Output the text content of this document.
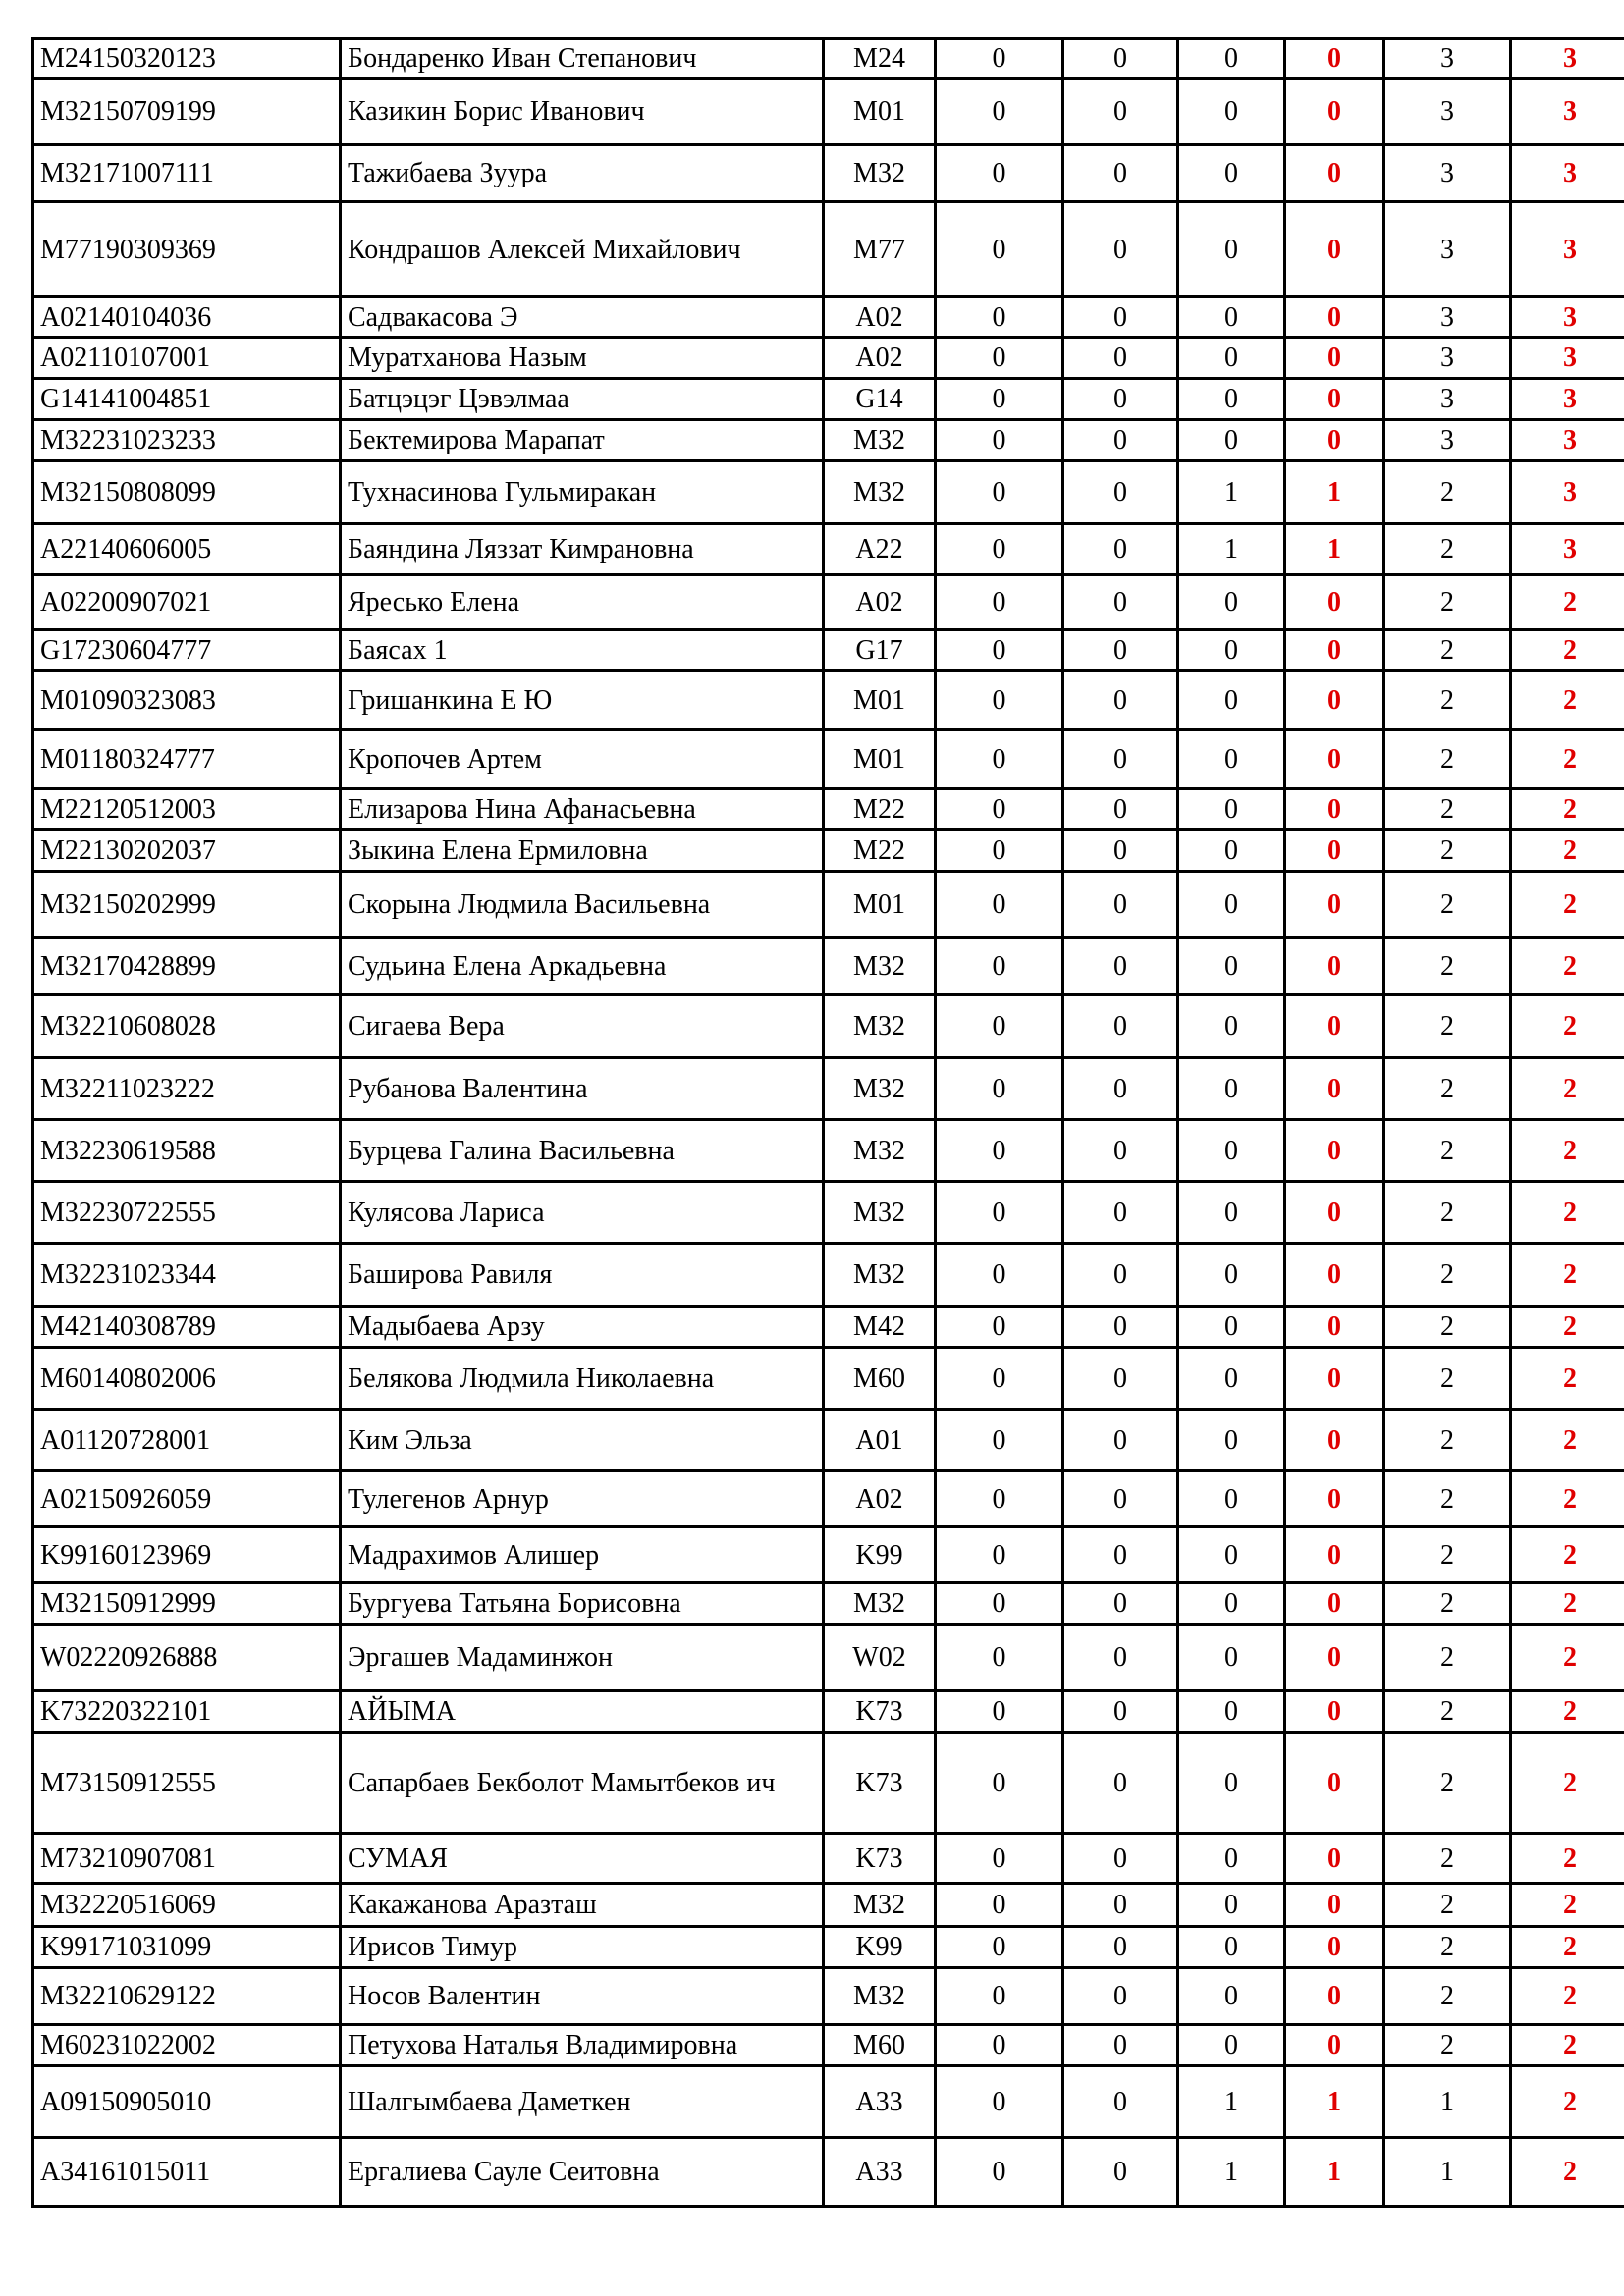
M24150320123	Бондаренко Иван Степанович	M24	0	0	0	0	3	3
M32150709199	Казикин Борис Иванович	M01	0	0	0	0	3	3
M32171007111	Тажибаева Зуура	M32	0	0	0	0	3	3
M77190309369	Кондрашов Алексей Михайлович	M77	0	0	0	0	3	3
A02140104036	Садвакасова Э	A02	0	0	0	0	3	3
A02110107001	Муратханова Назым	A02	0	0	0	0	3	3
G14141004851	Батцэцэг Цэвэлмаа	G14	0	0	0	0	3	3
M32231023233	Бектемирова Марапат	M32	0	0	0	0	3	3
M32150808099	Тухнасинова Гульмиракан	M32	0	0	1	1	2	3
A22140606005	Баяндина Ляззат Кимрановна	A22	0	0	1	1	2	3
A02200907021	Яресько Елена	A02	0	0	0	0	2	2
G17230604777	Баясах 1	G17	0	0	0	0	2	2
M01090323083	Гришанкина Е Ю	M01	0	0	0	0	2	2
M01180324777	Кропочев Артем	M01	0	0	0	0	2	2
M22120512003	Елизарова Нина Афанасьевна	M22	0	0	0	0	2	2
M22130202037	Зыкина Елена Ермиловна	M22	0	0	0	0	2	2
M32150202999	Скорына Людмила Васильевна	M01	0	0	0	0	2	2
M32170428899	Судьина Елена Аркадьевна	M32	0	0	0	0	2	2
M32210608028	Сигаева Вера	M32	0	0	0	0	2	2
M32211023222	Рубанова Валентина	M32	0	0	0	0	2	2
M32230619588	Бурцева Галина Васильевна	M32	0	0	0	0	2	2
M32230722555	Кулясова Лариса	M32	0	0	0	0	2	2
M32231023344	Баширова Равиля	M32	0	0	0	0	2	2
M42140308789	Мадыбаева Арзу	M42	0	0	0	0	2	2
M60140802006	Белякова Людмила Николаевна	M60	0	0	0	0	2	2
A01120728001	Ким Эльза	A01	0	0	0	0	2	2
A02150926059	Тулегенов Арнур	A02	0	0	0	0	2	2
K99160123969	Мадрахимов Алишер	K99	0	0	0	0	2	2
M32150912999	Бургуева Татьяна Борисовна	M32	0	0	0	0	2	2
W02220926888	Эргашев Мадаминжон	W02	0	0	0	0	2	2
K73220322101	АЙЫМА	K73	0	0	0	0	2	2
M73150912555	Сапарбаев Бекболот Мамытбеков ич	K73	0	0	0	0	2	2
M73210907081	СУМАЯ	K73	0	0	0	0	2	2
M32220516069	Какажанова Аразташ	M32	0	0	0	0	2	2
K99171031099	Ирисов Тимур	K99	0	0	0	0	2	2
M32210629122	Носов Валентин	M32	0	0	0	0	2	2
M60231022002	Петухова Наталья Владимировна	M60	0	0	0	0	2	2
A09150905010	Шалгымбаева Даметкен	A33	0	0	1	1	1	2
A34161015011	Ергалиева Сауле Сеитовна	A33	0	0	1	1	1	2
